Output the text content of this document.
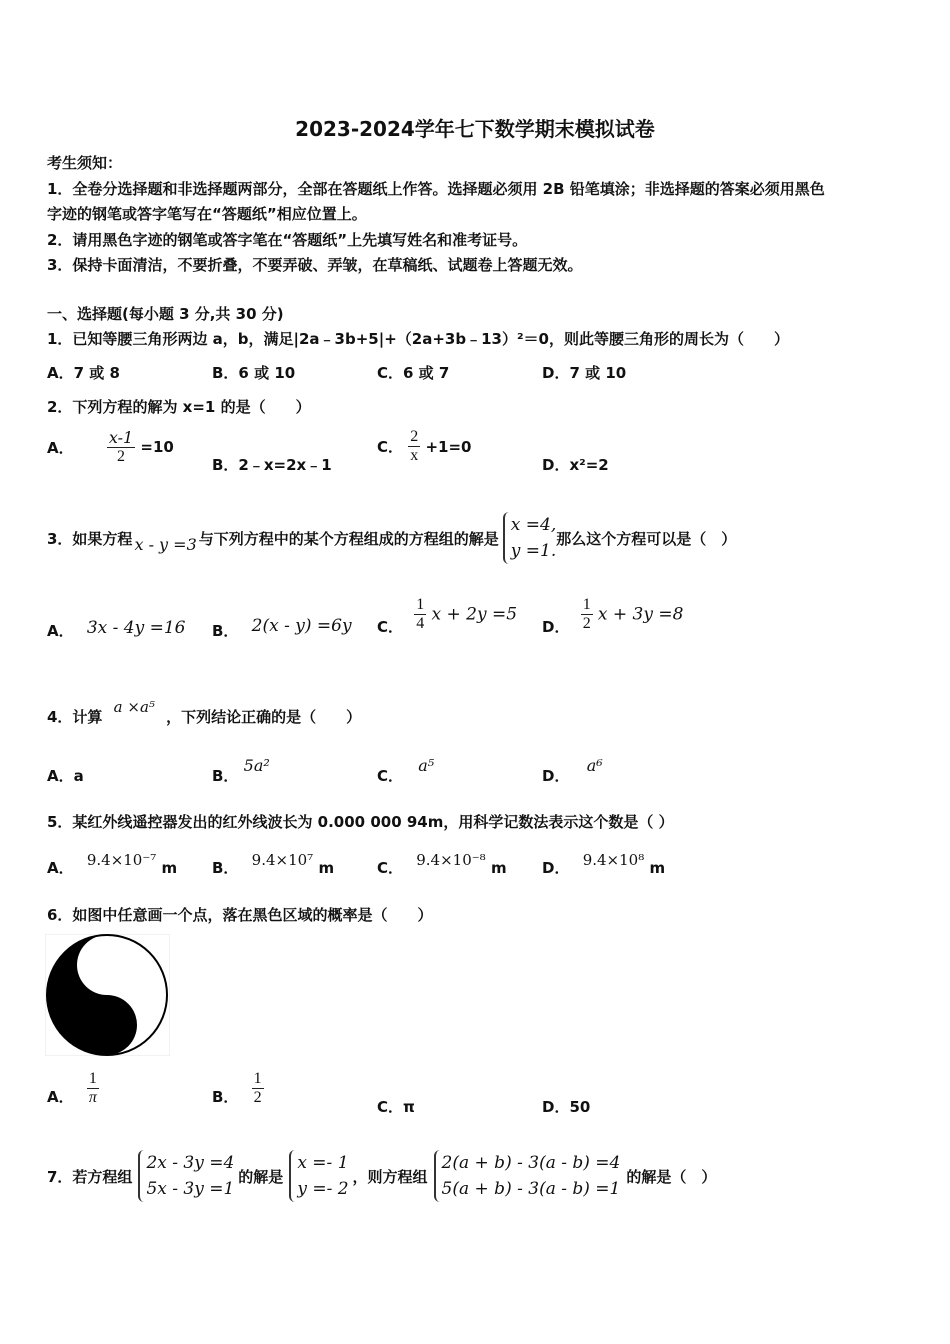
2023-2024学年七下数学期末模拟试卷
考生须知：
1．全卷分选择题和非选择题两部分，全部在答题纸上作答。选择题必须用 2B 铅笔填涂；非选择题的答案必须用黑色
字迹的钢笔或答字笔写在“答题纸”相应位置上。
2．请用黑色字迹的钢笔或答字笔在“答题纸”上先填写姓名和准考证号。
3．保持卡面清洁，不要折叠，不要弄破、弄皱，在草稿纸、试题卷上答题无效。
一、选择题(每小题 3 分,共 30 分)
1．已知等腰三角形两边 a，b，满足|2a﹣3b+5|+（2a+3b﹣13）²＝0，则此等腰三角形的周长为（　　）
A．7 或 8	B．6 或 10	C．6 或 7	D．7 或 10
2．下列方程的解为 x=1 的是（　　）
A． $\frac{x-1}{2} =10$
B．2﹣x=2x﹣1
C． $\frac{2}{x} +1=0$
D．x²=2
3．如果方程 x - y =3 与下列方程中的某个方程组成的方程组的解是
x =4,
y =1.
那么这个方程可以是（　）
A． 3x - 4y =16 B． 2(x - y) =6y C． $\frac{1}{4}$ x + 2y =5
D． $\frac{1}{2}$ x + 3y =8
4．计算 a ×a⁵ ，下列结论正确的是（　　）
A．a	B． 5a²
C． a⁵
D． a⁶
5．某红外线遥控器发出的红外线波长为 0.000 000 94m，用科学记数法表示这个数是（ ）
A． 9.4×10⁻⁷ m B． 9.4×10⁷ m	C． 9.4×10⁻⁸ m D． 9.4×10⁸ m
6．如图中任意画一个点，落在黑色区域的概率是（　　）
A． $\frac{1}{\pi}$	B． $\frac{1}{2}$	C．π	D．50
7．若方程组
2x - 3y =4
5x - 3y =1
的解是
x =- 1
y =- 2
，则方程组
2(a + b) - 3(a - b) =4
5(a + b) - 3(a - b) =1
的解是（　）
